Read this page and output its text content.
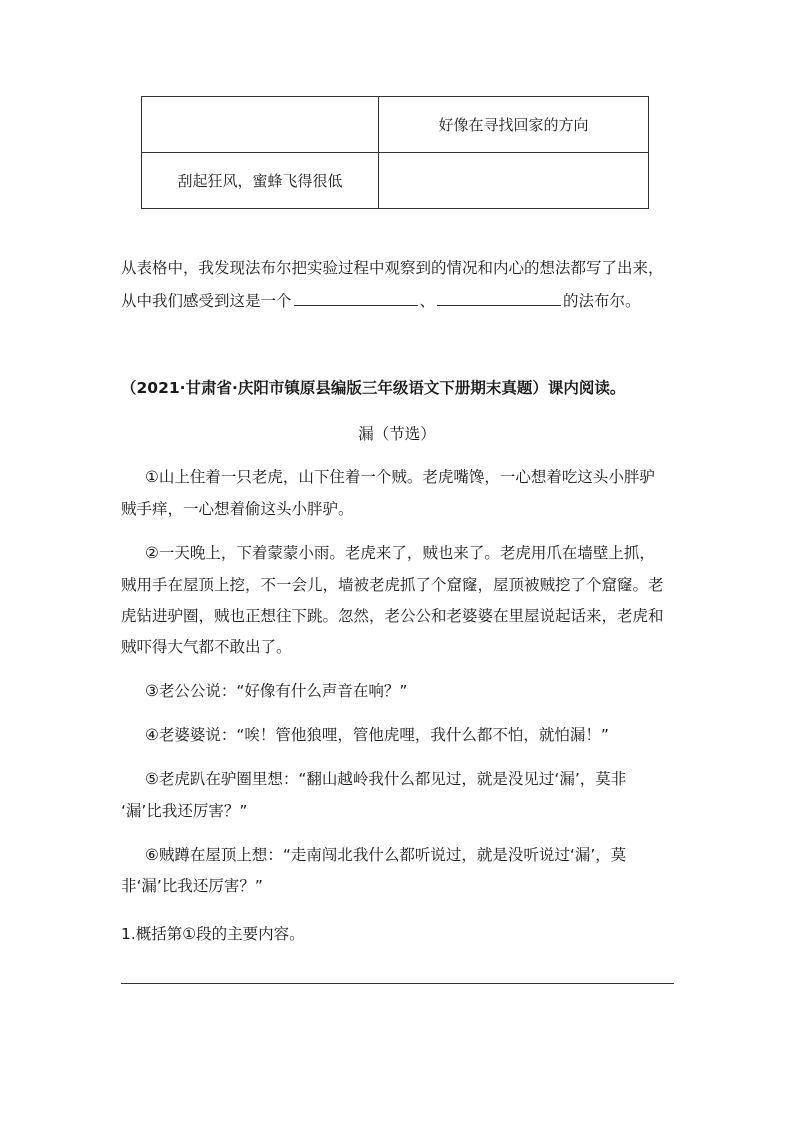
	好像在寻找回家的方向
刮起狂风，蜜蜂飞得很低	
从表格中，我发现法布尔把实验过程中观察到的情况和内心的想法都写了出来，
从中我们感受到这是一个	、	的法布尔。
（2021·甘肃省·庆阳市镇原县编版三年级语文下册期末真题）课内阅读。
漏（节选）
①山上住着一只老虎，山下住着一个贼。老虎嘴馋，一心想着吃这头小胖驴
贼手痒，一心想着偷这头小胖驴。
②一天晚上，下着蒙蒙小雨。老虎来了，贼也来了。老虎用爪在墙壁上抓，
贼用手在屋顶上挖，不一会儿，墙被老虎抓了个窟窿，屋顶被贼挖了个窟窿。老
虎钻进驴圈，贼也正想往下跳。忽然，老公公和老婆婆在里屋说起话来，老虎和
贼吓得大气都不敢出了。
③老公公说：“好像有什么声音在响？”
④老婆婆说：“唉！管他狼哩，管他虎哩，我什么都不怕，就怕漏！”
⑤老虎趴在驴圈里想：“翻山越岭我什么都见过，就是没见过‘漏’，莫非
‘漏’比我还厉害？”
⑥贼蹲在屋顶上想：“走南闯北我什么都听说过，就是没听说过‘漏’，莫
非‘漏’比我还厉害？”
1.概括第①段的主要内容。
